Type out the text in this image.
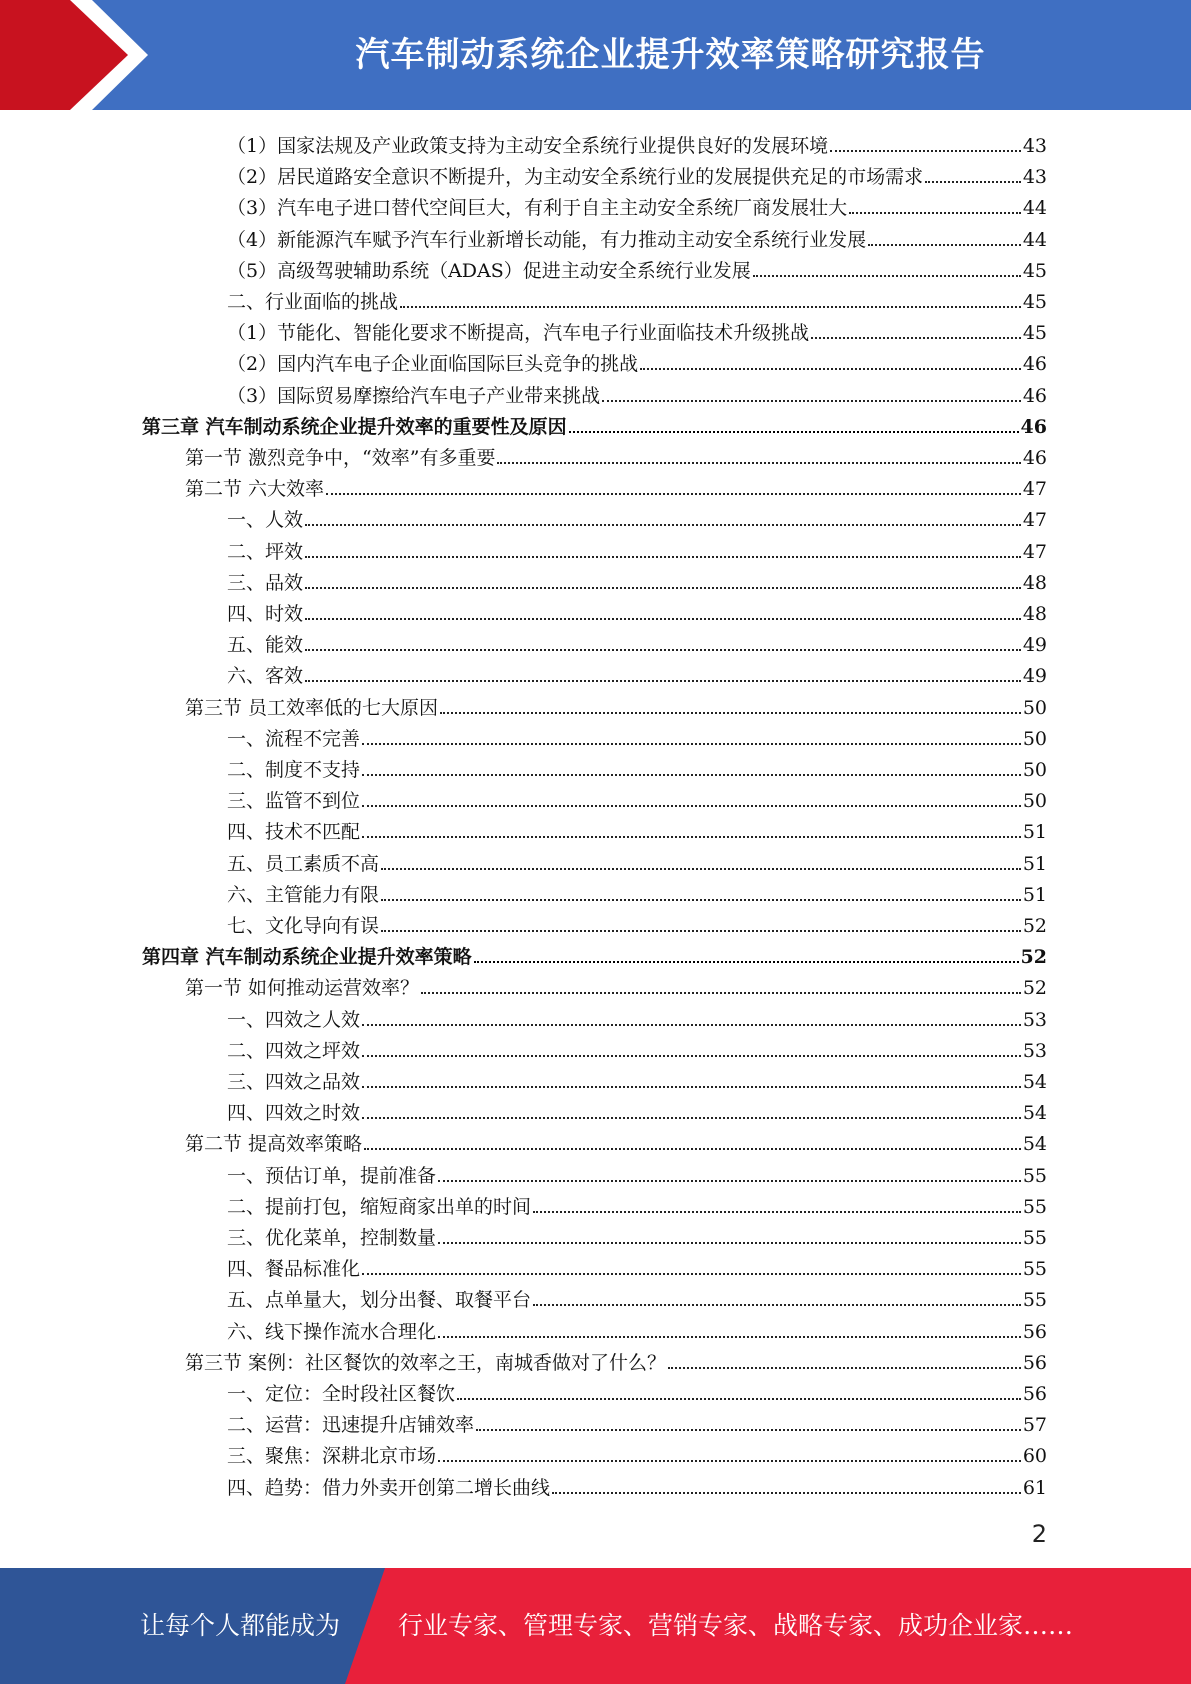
汽车制动系统企业提升效率策略研究报告
（1）国家法规及产业政策支持为主动安全系统行业提供良好的发展环境	43
（2）居民道路安全意识不断提升，为主动安全系统行业的发展提供充足的市场需求	43
（3）汽车电子进口替代空间巨大，有利于自主主动安全系统厂商发展壮大	44
（4）新能源汽车赋予汽车行业新增长动能，有力推动主动安全系统行业发展	44
（5）高级驾驶辅助系统（ADAS）促进主动安全系统行业发展	45
二、行业面临的挑战	45
（1）节能化、智能化要求不断提高，汽车电子行业面临技术升级挑战	45
（2）国内汽车电子企业面临国际巨头竞争的挑战	46
（3）国际贸易摩擦给汽车电子产业带来挑战	46
第三章 汽车制动系统企业提升效率的重要性及原因	46
第一节 激烈竞争中，“效率”有多重要	46
第二节 六大效率	47
一、人效	47
二、坪效	47
三、品效	48
四、时效	48
五、能效	49
六、客效	49
第三节 员工效率低的七大原因	50
一、流程不完善	50
二、制度不支持	50
三、监管不到位	50
四、技术不匹配	51
五、员工素质不高	51
六、主管能力有限	51
七、文化导向有误	52
第四章 汽车制动系统企业提升效率策略	52
第一节 如何推动运营效率？	52
一、四效之人效	53
二、四效之坪效	53
三、四效之品效	54
四、四效之时效	54
第二节 提高效率策略	54
一、预估订单，提前准备	55
二、提前打包，缩短商家出单的时间	55
三、优化菜单，控制数量	55
四、餐品标准化	55
五、点单量大，划分出餐、取餐平台	55
六、线下操作流水合理化	56
第三节 案例：社区餐饮的效率之王，南城香做对了什么？	56
一、定位：全时段社区餐饮	56
二、运营：迅速提升店铺效率	57
三、聚焦：深耕北京市场	60
四、趋势：借力外卖开创第二增长曲线	61
2
让每个人都能成为 行业专家、管理专家、营销专家、战略专家、成功企业家……
